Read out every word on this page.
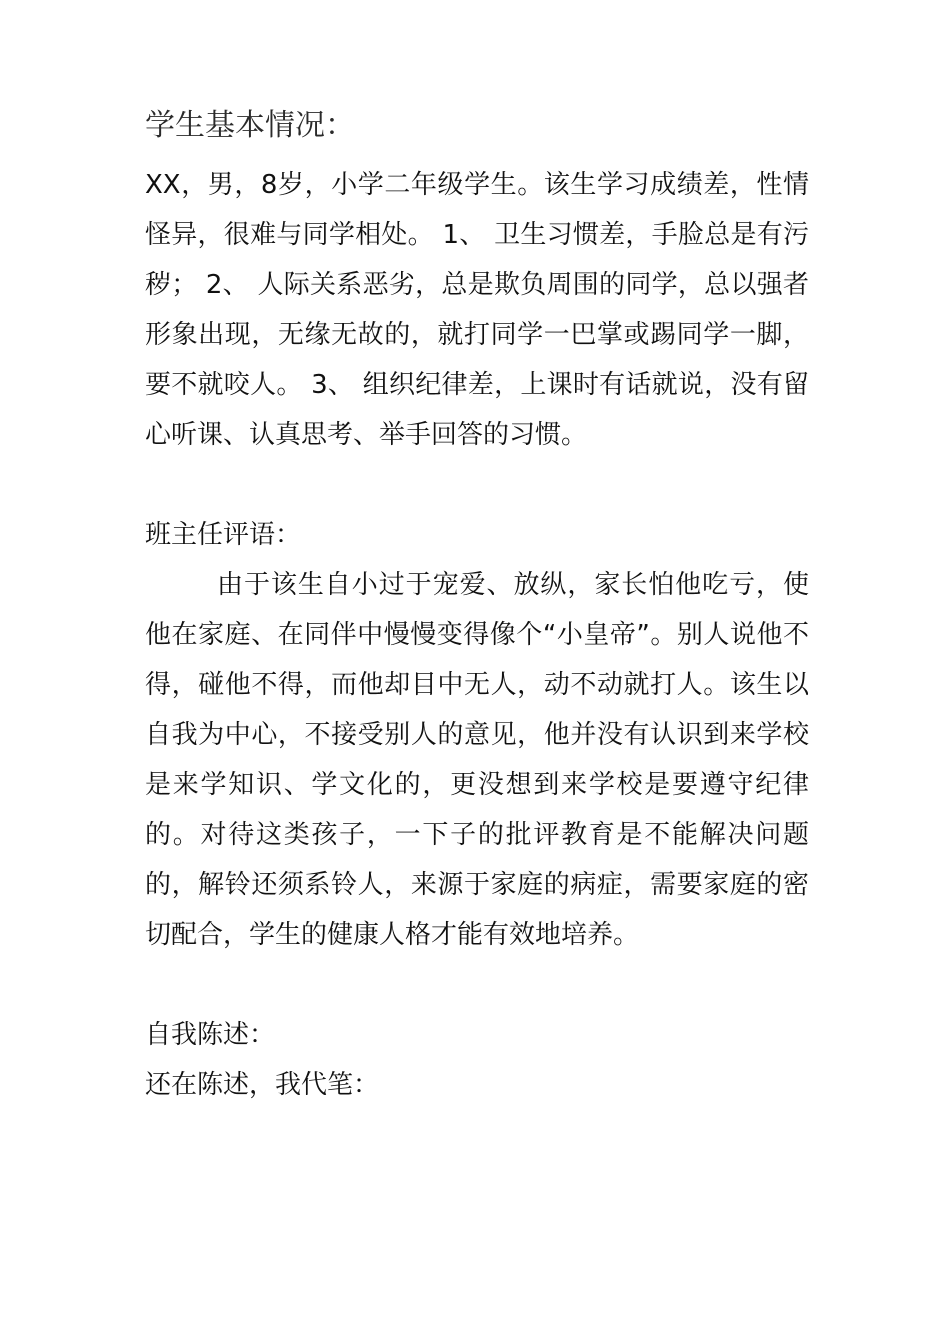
学生基本情况：

XX，男，8岁，小学二年级学生。该生学习成绩差，性情怪异，很难与同学相处。 1、 卫生习惯差，手脸总是有污秽； 2、 人际关系恶劣，总是欺负周围的同学，总以强者形象出现，无缘无故的，就打同学一巴掌或踢同学一脚，要不就咬人。 3、 组织纪律差，上课时有话就说，没有留心听课、认真思考、举手回答的习惯。

班主任评语：

由于该生自小过于宠爱、放纵，家长怕他吃亏，使他在家庭、在同伴中慢慢变得像个“小皇帝”。别人说他不得，碰他不得，而他却目中无人，动不动就打人。该生以自我为中心，不接受别人的意见，他并没有认识到来学校是来学知识、学文化的，更没想到来学校是要遵守纪律的。对待这类孩子，一下子的批评教育是不能解决问题的，解铃还须系铃人，来源于家庭的病症，需要家庭的密切配合，学生的健康人格才能有效地培养。

自我陈述：
还在陈述，我代笔：
